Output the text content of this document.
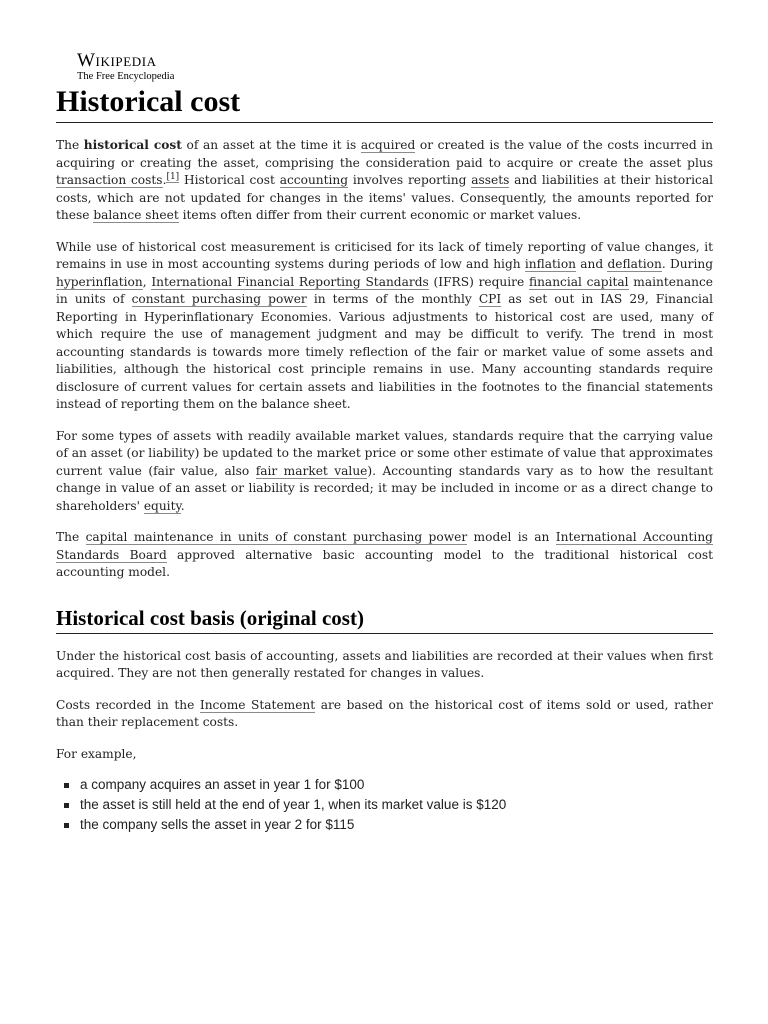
Wikipedia
The Free Encyclopedia
Historical cost

The historical cost of an asset at the time it is acquired or created is the value of the costs incurred in acquiring or creating the asset, comprising the consideration paid to acquire or create the asset plus transaction costs.[1] Historical cost accounting involves reporting assets and liabilities at their historical costs, which are not updated for changes in the items' values. Consequently, the amounts reported for these balance sheet items often differ from their current economic or market values.

While use of historical cost measurement is criticised for its lack of timely reporting of value changes, it remains in use in most accounting systems during periods of low and high inflation and deflation. During hyperinflation, International Financial Reporting Standards (IFRS) require financial capital maintenance in units of constant purchasing power in terms of the monthly CPI as set out in IAS 29, Financial Reporting in Hyperinflationary Economies. Various adjustments to historical cost are used, many of which require the use of management judgment and may be difficult to verify. The trend in most accounting standards is towards more timely reflection of the fair or market value of some assets and liabilities, although the historical cost principle remains in use. Many accounting standards require disclosure of current values for certain assets and liabilities in the footnotes to the financial statements instead of reporting them on the balance sheet.

For some types of assets with readily available market values, standards require that the carrying value of an asset (or liability) be updated to the market price or some other estimate of value that approximates current value (fair value, also fair market value). Accounting standards vary as to how the resultant change in value of an asset or liability is recorded; it may be included in income or as a direct change to shareholders' equity.

The capital maintenance in units of constant purchasing power model is an International Accounting Standards Board approved alternative basic accounting model to the traditional historical cost accounting model.

Historical cost basis (original cost)

Under the historical cost basis of accounting, assets and liabilities are recorded at their values when first acquired. They are not then generally restated for changes in values.

Costs recorded in the Income Statement are based on the historical cost of items sold or used, rather than their replacement costs.

For example,

a company acquires an asset in year 1 for $100
the asset is still held at the end of year 1, when its market value is $120
the company sells the asset in year 2 for $115
